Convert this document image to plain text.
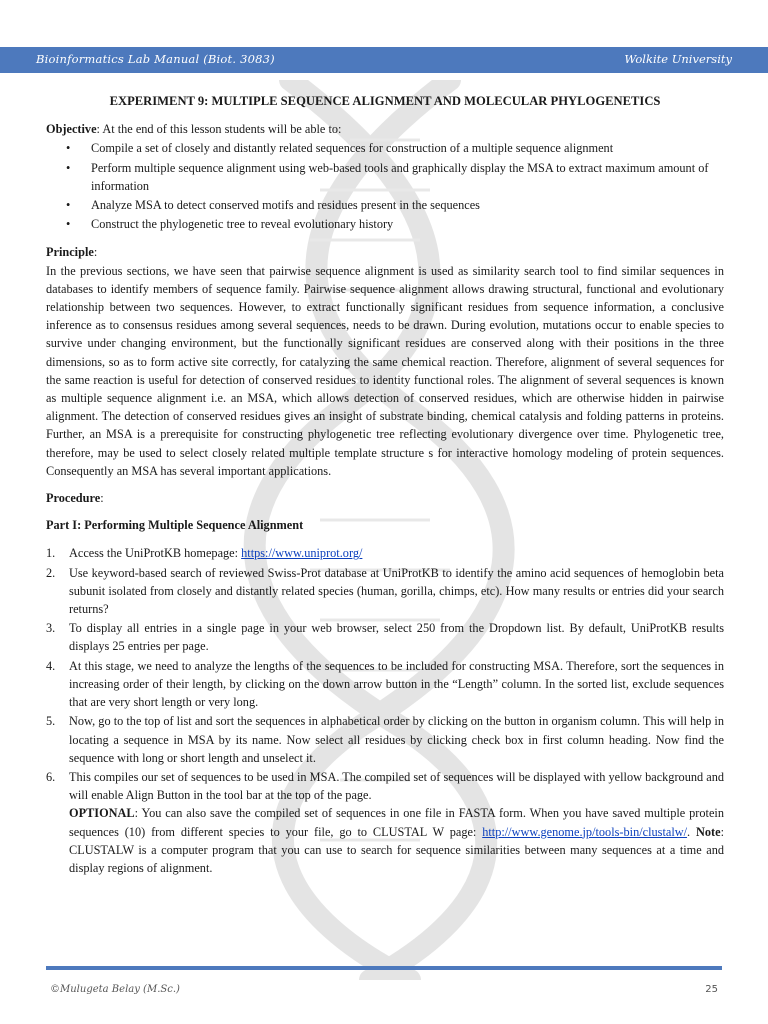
Bioinformatics Lab Manual (Biot. 3083)	Wolkite University

EXPERIMENT 9: MULTIPLE SEQUENCE ALIGNMENT AND MOLECULAR PHYLOGENETICS

Objective: At the end of this lesson students will be able to:

• Compile a set of closely and distantly related sequences for construction of a multiple sequence alignment
• Perform multiple sequence alignment using web-based tools and graphically display the MSA to extract maximum amount of information
• Analyze MSA to detect conserved motifs and residues present in the sequences
• Construct the phylogenetic tree to reveal evolutionary history

Principle:

In the previous sections, we have seen that pairwise sequence alignment is used as similarity search tool to find similar sequences in databases to identify members of sequence family. Pairwise sequence alignment allows drawing structural, functional and evolutionary relationship between two sequences. However, to extract functionally significant residues from sequence information, a conclusive inference as to consensus residues among several sequences, needs to be drawn. During evolution, mutations occur to enable species to survive under changing environment, but the functionally significant residues are conserved along with their positions in the three dimensions, so as to form active site correctly, for catalyzing the same chemical reaction. Therefore, alignment of several sequences for the same reaction is useful for detection of conserved residues to identity functional roles. The alignment of several sequences is known as multiple sequence alignment i.e. an MSA, which allows detection of conserved residues, which are otherwise hidden in pairwise alignment. The detection of conserved residues gives an insight of substrate binding, chemical catalysis and folding patterns in proteins. Further, an MSA is a prerequisite for constructing phylogenetic tree reflecting evolutionary divergence over time. Phylogenetic tree, therefore, may be used to select closely related multiple template structure s for interactive homology modeling of protein sequences. Consequently an MSA has several important applications.

Procedure:

Part I: Performing Multiple Sequence Alignment

1. Access the UniProtKB homepage: https://www.uniprot.org/
2. Use keyword-based search of reviewed Swiss-Prot database at UniProtKB to identify the amino acid sequences of hemoglobin beta subunit isolated from closely and distantly related species (human, gorilla, chimps, etc). How many results or entries did your search returns?
3. To display all entries in a single page in your web browser, select 250 from the Dropdown list. By default, UniProtKB results displays 25 entries per page.
4. At this stage, we need to analyze the lengths of the sequences to be included for constructing MSA. Therefore, sort the sequences in increasing order of their length, by clicking on the down arrow button in the “Length” column. In the sorted list, exclude sequences that are very short length or very long.
5. Now, go to the top of list and sort the sequences in alphabetical order by clicking on the button in organism column. This will help in locating a sequence in MSA by its name. Now select all residues by clicking check box in first column heading. Now find the sequence with long or short length and unselect it.
6. This compiles our set of sequences to be used in MSA. The compiled set of sequences will be displayed with yellow background and will enable Align Button in the tool bar at the top of the page.
OPTIONAL: You can also save the compiled set of sequences in one file in FASTA form. When you have saved multiple protein sequences (10) from different species to your file, go to CLUSTAL W page: http://www.genome.jp/tools-bin/clustalw/. Note: CLUSTALW is a computer program that you can use to search for sequence similarities between many sequences at a time and display regions of alignment.
©Mulugeta Belay (M.Sc.)	25
